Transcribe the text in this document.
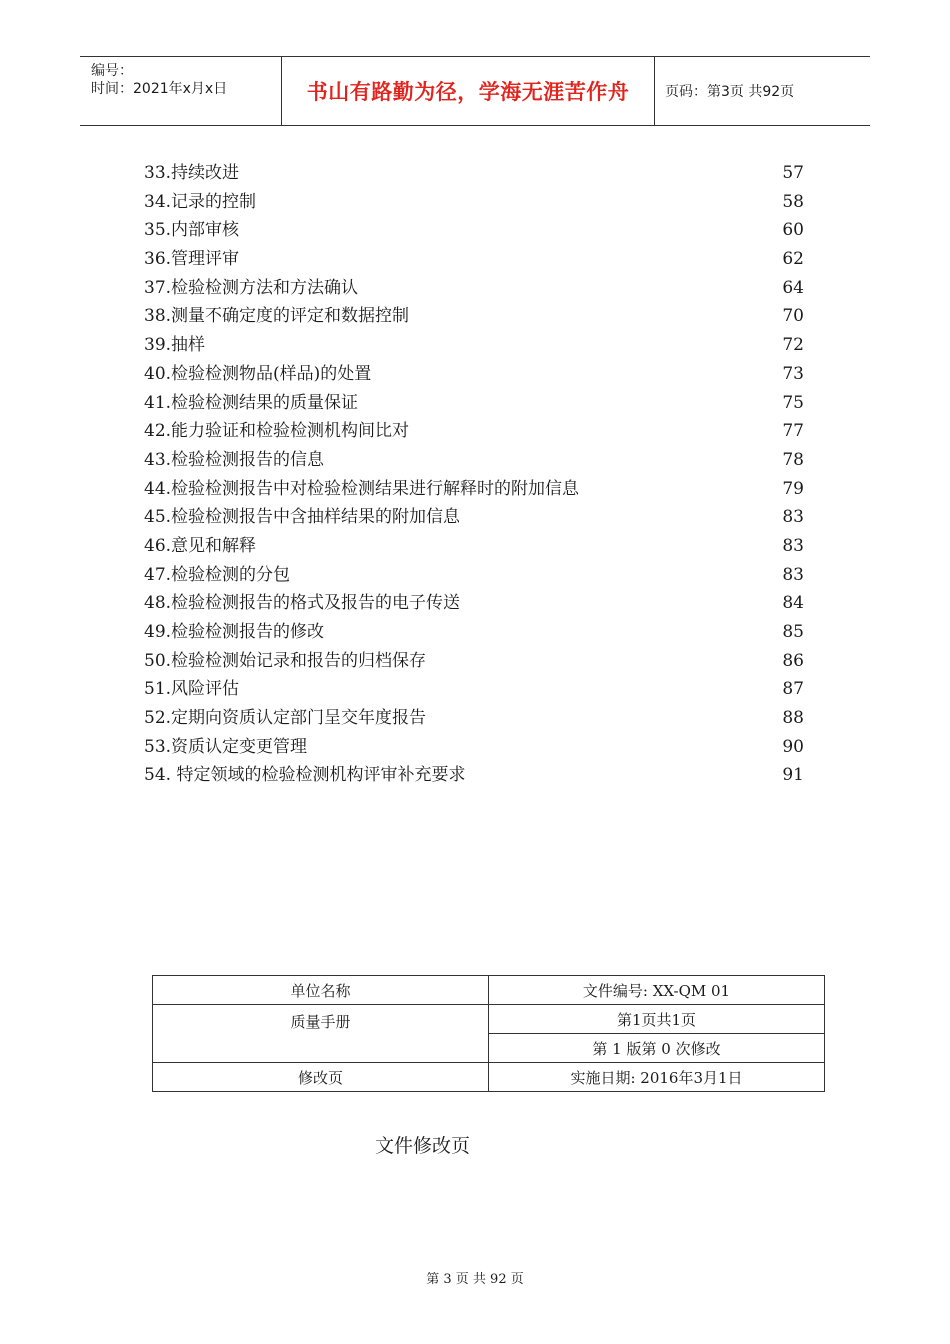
编号：
时间：2021年x月x日	书山有路勤为径，学海无涯苦作舟	页码：第3页 共92页
33.持续改进	57
34.记录的控制	58
35.内部审核	60
36.管理评审	62
37.检验检测方法和方法确认	64
38.测量不确定度的评定和数据控制	70
39.抽样	72
40.检验检测物品(样品)的处置	73
41.检验检测结果的质量保证	75
42.能力验证和检验检测机构间比对	77
43.检验检测报告的信息	78
44.检验检测报告中对检验检测结果进行解释时的附加信息	79
45.检验检测报告中含抽样结果的附加信息	83
46.意见和解释	83
47.检验检测的分包	83
48.检验检测报告的格式及报告的电子传送	84
49.检验检测报告的修改	85
50.检验检测始记录和报告的归档保存	86
51.风险评估	87
52.定期向资质认定部门呈交年度报告	88
53.资质认定变更管理	90
54. 特定领域的检验检测机构评审补充要求	91
单位名称	文件编号: XX-QM 01
质量手册	第1页共1页
	第 1 版第 0 次修改
修改页	实施日期: 2016年3月1日
文件修改页
第 3 页 共 92 页
